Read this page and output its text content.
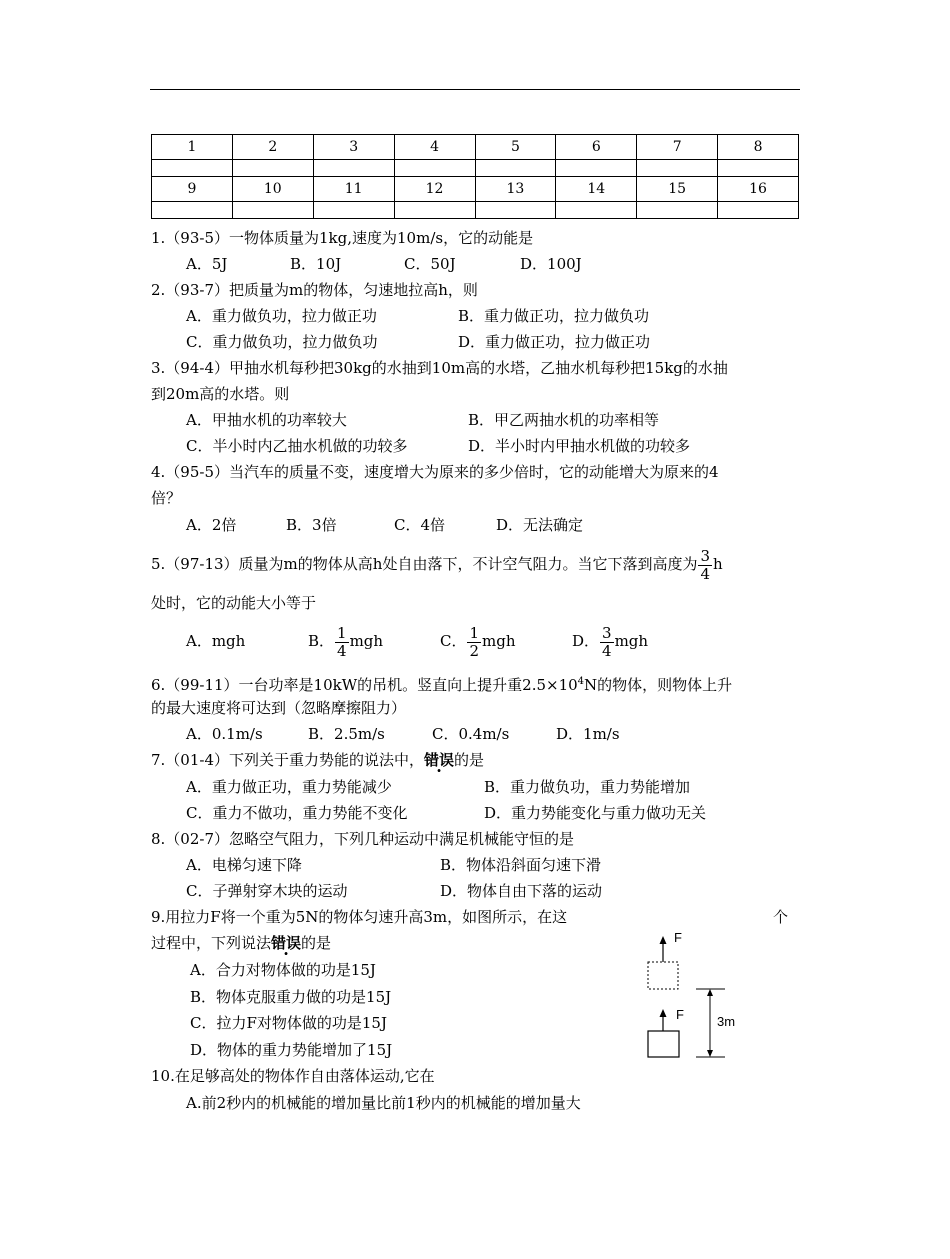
1	2	3	4	5	6	7	8

9	10	11	12	13	14	15	16

1.（93-5）一物体质量为1kg,速度为10m/s，它的动能是
A．5J	B．10J	C．50J	D．100J
2.（93-7）把质量为m的物体，匀速地拉高h，则
A．重力做负功，拉力做正功	B．重力做正功，拉力做负功
C．重力做负功，拉力做负功	D．重力做正功，拉力做正功
3.（94-4）甲抽水机每秒把30kg的水抽到10m高的水塔，乙抽水机每秒把15kg的水抽
到20m高的水塔。则
A．甲抽水机的功率较大	B．甲乙两抽水机的功率相等
C．半小时内乙抽水机做的功较多	D．半小时内甲抽水机做的功较多
4.（95-5）当汽车的质量不变，速度增大为原来的多少倍时，它的动能增大为原来的4
倍？
A．2倍	B．3倍	C．4倍	D．无法确定
5.（97-13）质量为m的物体从高h处自由落下，不计空气阻力。当它下落到高度为 $\frac{3}{4}$ h
处时，它的动能大小等于
A．mgh	B． $\frac{1}{4}$ mgh	C． $\frac{1}{2}$ mgh	D． $\frac{3}{4}$ mgh
6.（99-11）一台功率是10kW的吊机。竖直向上提升重$2.5\times 10^4N$的物体，则物体上升
的最大速度将可达到（忽略摩擦阻力）
A．0.1m/s	B．2.5m/s	C．0.4m/s	D．1m/s
7.（01-4）下列关于重力势能的说法中，错误的是
A．重力做正功，重力势能减少	B．重力做负功，重力势能增加
C．重力不做功，重力势能不变化	D．重力势能变化与重力做功无关
8.（02-7）忽略空气阻力，下列几种运动中满足机械能守恒的是
A．电梯匀速下降	B．物体沿斜面匀速下滑
C．子弹射穿木块的运动	D．物体自由下落的运动
9.用拉力F将一个重为5N的物体匀速升高3m，如图所示，在这	个
过程中，下列说法错误的是
A．合力对物体做的功是15J
B．物体克服重力做的功是15J
C．拉力F对物体做的功是15J
D．物体的重力势能增加了15J
F
F	3m
10.在足够高处的物体作自由落体运动,它在
A.前2秒内的机械能的增加量比前1秒内的机械能的增加量大
